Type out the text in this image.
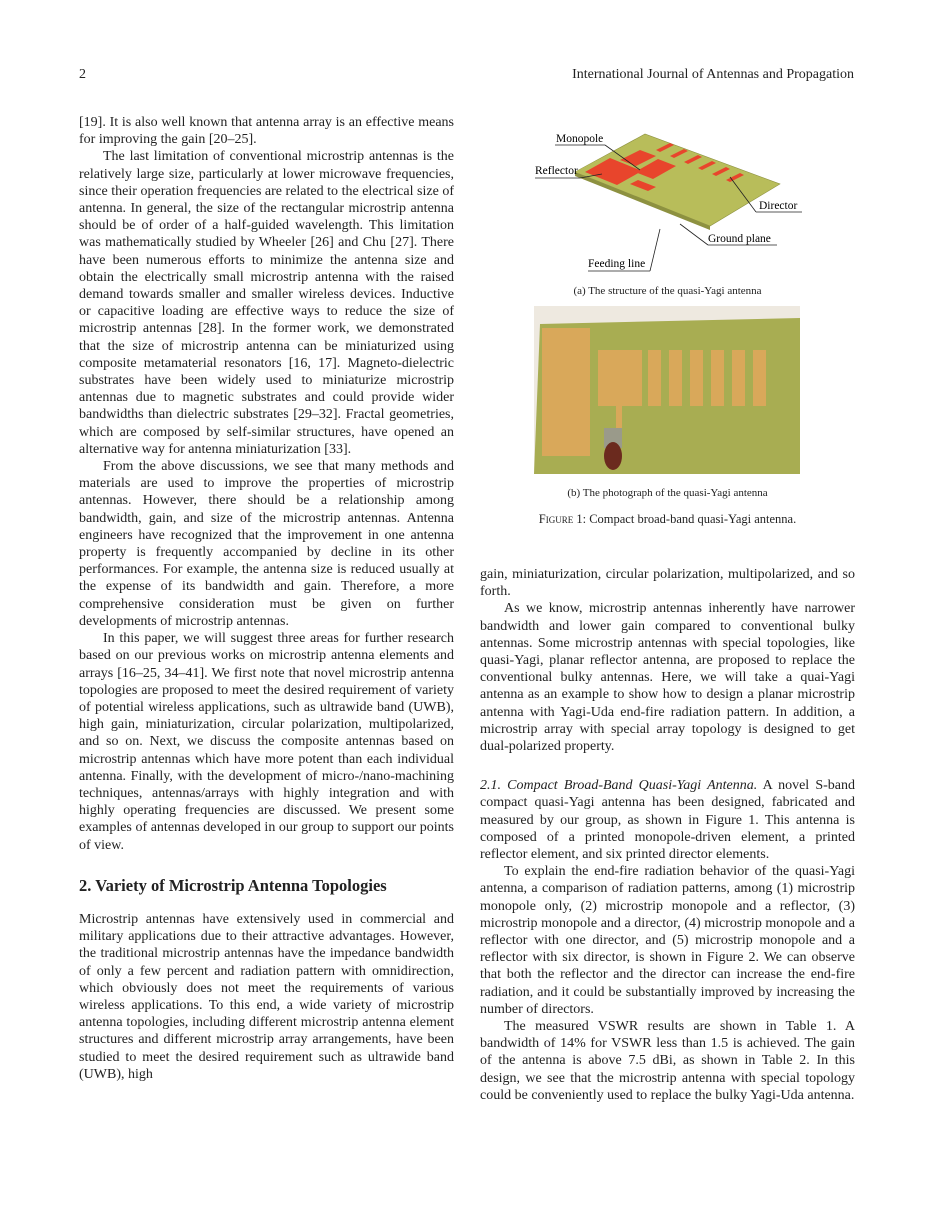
2	International Journal of Antennas and Propagation

[19]. It is also well known that antenna array is an effective means for improving the gain [20–25].

The last limitation of conventional microstrip antennas is the relatively large size, particularly at lower microwave frequencies, since their operation frequencies are related to the electrical size of antenna. In general, the size of the rectangular microstrip antenna should be of order of a half-guided wavelength. This limitation was mathematically studied by Wheeler [26] and Chu [27]. There have been numerous efforts to minimize the antenna size and obtain the electrically small microstrip antenna with the raised demand towards smaller and smaller wireless devices. Inductive or capacitive loading are effective ways to reduce the size of microstrip antennas [28]. In the former work, we demonstrated that the size of microstrip antenna can be miniaturized using composite metamaterial resonators [16, 17]. Magneto-dielectric substrates have been widely used to miniaturize microstrip antennas due to magnetic substrates and could provide wider bandwidths than dielectric substrates [29–32]. Fractal geometries, which are composed by self-similar structures, have opened an alternative way for antenna miniaturization [33].

From the above discussions, we see that many methods and materials are used to improve the properties of microstrip antennas. However, there should be a relationship among bandwidth, gain, and size of the microstrip antennas. Antenna engineers have recognized that the improvement in one antenna property is frequently accompanied by decline in its other performances. For example, the antenna size is reduced usually at the expense of its bandwidth and gain. Therefore, a more comprehensive consideration must be given on further developments of microstrip antennas.

In this paper, we will suggest three areas for further research based on our previous works on microstrip antenna elements and arrays [16–25, 34–41]. We first note that novel microstrip antenna topologies are proposed to meet the desired requirement of variety of potential wireless applications, such as ultrawide band (UWB), high gain, miniaturization, circular polarization, multipolarized, and so on. Next, we discuss the composite antennas based on microstrip antennas which have more potent than each individual antenna. Finally, with the development of micro-/nano-machining techniques, antennas/arrays with highly integration and with highly operating frequencies are discussed. We present some examples of antennas developed in our group to support our points of view.

2. Variety of Microstrip Antenna Topologies

Microstrip antennas have extensively used in commercial and military applications due to their attractive advantages. However, the traditional microstrip antennas have the impedance bandwidth of only a few percent and radiation pattern with omnidirection, which obviously does not meet the requirements of various wireless applications. To this end, a wide variety of microstrip antenna topologies, including different microstrip antenna element structures and different microstrip array arrangements, have been studied to meet the desired requirement such as ultrawide band (UWB), high

Monopole
Reflector
Director
Ground plane
Feeding line
(a) The structure of the quasi-Yagi antenna
(b) The photograph of the quasi-Yagi antenna
Figure 1: Compact broad-band quasi-Yagi antenna.

gain, miniaturization, circular polarization, multipolarized, and so forth.

As we know, microstrip antennas inherently have narrower bandwidth and lower gain compared to conventional bulky antennas. Some microstrip antennas with special topologies, like quasi-Yagi, planar reflector antenna, are proposed to replace the conventional bulky antennas. Here, we will take a quai-Yagi antenna as an example to show how to design a planar microstrip antenna with Yagi-Uda end-fire radiation pattern. In addition, a microstrip array with special array topology is designed to get dual-polarized property.

2.1. Compact Broad-Band Quasi-Yagi Antenna. A novel S-band compact quasi-Yagi antenna has been designed, fabricated and measured by our group, as shown in Figure 1. This antenna is composed of a printed monopole-driven element, a printed reflector element, and six printed director elements.

To explain the end-fire radiation behavior of the quasi-Yagi antenna, a comparison of radiation patterns, among (1) microstrip monopole only, (2) microstrip monopole and a reflector, (3) microstrip monopole and a director, (4) microstrip monopole and a reflector with one director, and (5) microstrip monopole and a reflector with six director, is shown in Figure 2. We can observe that both the reflector and the director can increase the end-fire radiation, and it could be substantially improved by increasing the number of directors.

The measured VSWR results are shown in Table 1. A bandwidth of 14% for VSWR less than 1.5 is achieved. The gain of the antenna is above 7.5 dBi, as shown in Table 2. In this design, we see that the microstrip antenna with special topology could be conveniently used to replace the bulky Yagi-Uda antenna.
